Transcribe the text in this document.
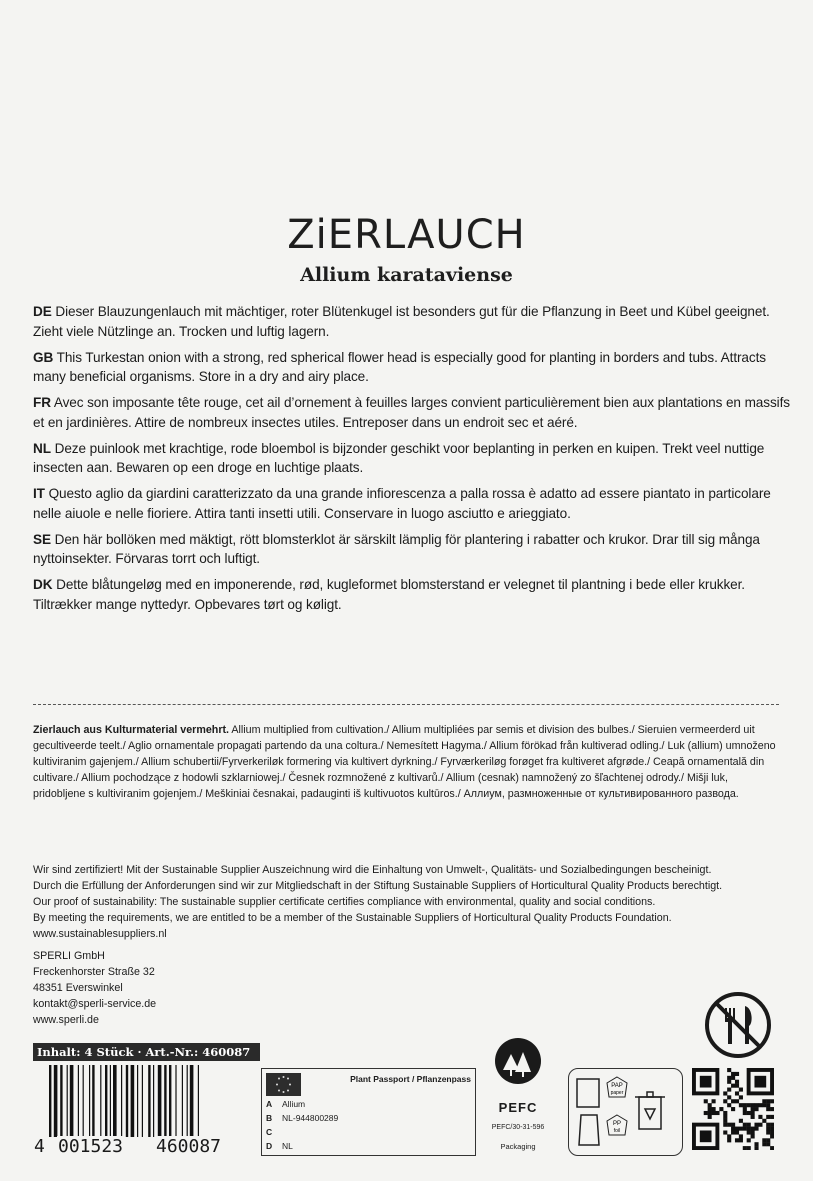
ZiERLAUCH
Allium karataviense

DE Dieser Blauzungenlauch mit mächtiger, roter Blütenkugel ist besonders gut für die Pflanzung in Beet und Kübel geeignet. Zieht viele Nützlinge an. Trocken und luftig lagern.

GB This Turkestan onion with a strong, red spherical flower head is especially good for planting in borders and tubs. Attracts many beneficial organisms. Store in a dry and airy place.

FR Avec son imposante tête rouge, cet ail d’ornement à feuilles larges convient particulièrement bien aux plantations en massifs et en jardinières. Attire de nombreux insectes utiles. Entreposer dans un endroit sec et aéré.

NL Deze puinlook met krachtige, rode bloembol is bijzonder geschikt voor beplanting in perken en kuipen. Trekt veel nuttige insecten aan. Bewaren op een droge en luchtige plaats.

IT Questo aglio da giardini caratterizzato da una grande infiorescenza a palla rossa è adatto ad essere piantato in particolare nelle aiuole e nelle fioriere. Attira tanti insetti utili. Conservare in luogo asciutto e arieggiato.

SE Den här bollöken med mäktigt, rött blomsterklot är särskilt lämplig för plantering i rabatter och krukor. Drar till sig många nyttoinsekter. Förvaras torrt och luftigt.

DK Dette blåtungeløg med en imponerende, rød, kugleformet blomsterstand er velegnet til plantning i bede eller krukker. Tiltrækker mange nyttedyr. Opbevares tørt og køligt.

Zierlauch aus Kulturmaterial vermehrt. Allium multiplied from cultivation./ Allium multipliées par semis et division des bulbes./ Sieruien vermeerderd uit gecultiveerde teelt./ Aglio ornamentale propagati partendo da una coltura./ Nemesített Hagyma./ Allium förökad från kultiverad odling./ Luk (allium) umnoženo kultiviranim gajenjem./ Allium schubertii/Fyrverkeriløk formering via kultivert dyrkning./ Fyrværkeriløg forøget fra kultiveret afgrøde./ Ceapă ornamentală din cultivare./ Allium pochodzące z hodowli szklarniowej./ Česnek rozmnožené z kultivarů./ Allium (cesnak) namnožený zo šľachtenej odrody./ Mišji luk, pridobljene s kultiviranim gojenjem./ Meškiniai česnakai, padauginti iš kultivuotos kultūros./ Аллиум, размноженные от культивированного развода.

Wir sind zertifiziert! Mit der Sustainable Supplier Auszeichnung wird die Einhaltung von Umwelt-, Qualitäts- und Sozialbedingungen bescheinigt.
Durch die Erfüllung der Anforderungen sind wir zur Mitgliedschaft in der Stiftung Sustainable Suppliers of Horticultural Quality Products berechtigt.
Our proof of sustainability: The sustainable supplier certificate certifies compliance with environmental, quality and social conditions.
By meeting the requirements, we are entitled to be a member of the Sustainable Suppliers of Horticultural Quality Products Foundation.
www.sustainablesuppliers.nl
SPERLI GmbH
Freckenhorster Straße 32
48351 Everswinkel
kontakt@sperli-service.de
www.sperli.de
Inhalt: 4 Stück · Art.-Nr.: 460087
4 001523 460087
Plant Passport / Pflanzenpass
A Allium
B NL-944800289
C
D NL
PEFC
PEFC/30-31-596
Packaging
PAP
paper
PP
foil
